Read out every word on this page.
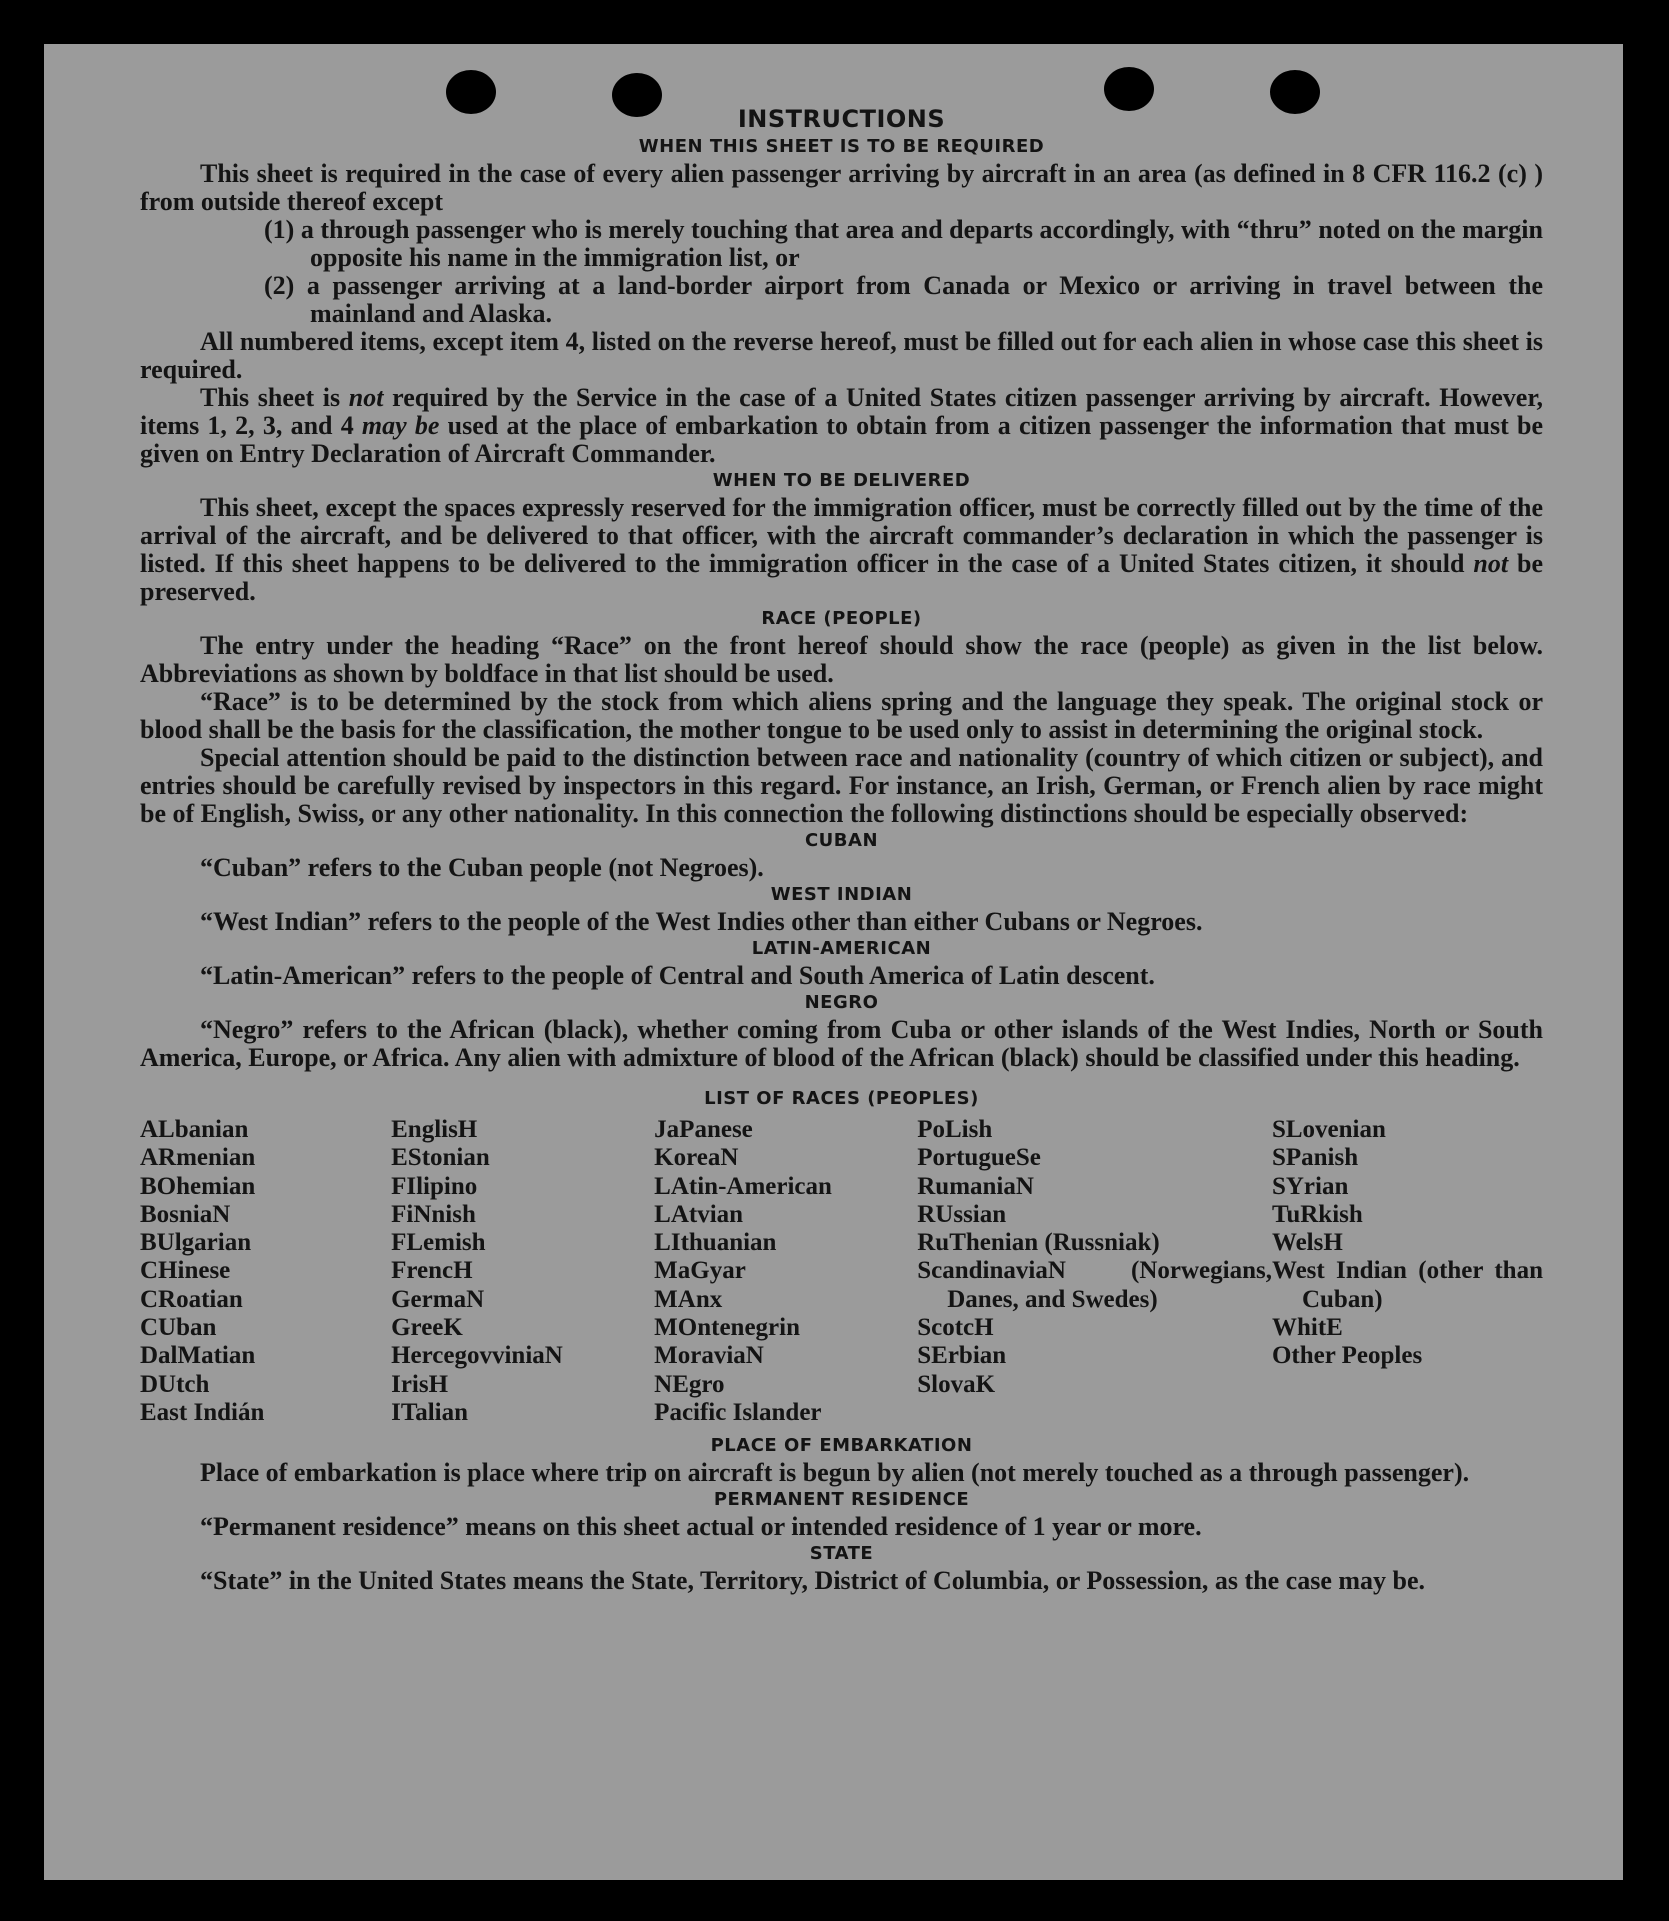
INSTRUCTIONS
WHEN THIS SHEET IS TO BE REQUIRED

This sheet is required in the case of every alien passenger arriving by aircraft in an area (as defined in 8 CFR 116.2 (c) ) from outside thereof except

(1) a through passenger who is merely touching that area and departs accordingly, with “thru” noted on the margin opposite his name in the immigration list, or

(2) a passenger arriving at a land-border airport from Canada or Mexico or arriving in travel between the mainland and Alaska.

All numbered items, except item 4, listed on the reverse hereof, must be filled out for each alien in whose case this sheet is required.

This sheet is not required by the Service in the case of a United States citizen passenger arriving by aircraft. However, items 1, 2, 3, and 4 may be used at the place of embarkation to obtain from a citizen passenger the information that must be given on Entry Declaration of Aircraft Commander.

WHEN TO BE DELIVERED

This sheet, except the spaces expressly reserved for the immigration officer, must be correctly filled out by the time of the arrival of the aircraft, and be delivered to that officer, with the aircraft commander’s declaration in which the passenger is listed. If this sheet happens to be delivered to the immigration officer in the case of a United States citizen, it should not be preserved.

RACE (PEOPLE)

The entry under the heading “Race” on the front hereof should show the race (people) as given in the list below. Abbreviations as shown by boldface in that list should be used.

“Race” is to be determined by the stock from which aliens spring and the language they speak. The original stock or blood shall be the basis for the classification, the mother tongue to be used only to assist in determining the original stock.

Special attention should be paid to the distinction between race and nationality (country of which citizen or subject), and entries should be carefully revised by inspectors in this regard. For instance, an Irish, German, or French alien by race might be of English, Swiss, or any other nationality. In this connection the following distinctions should be especially observed:

CUBAN

“Cuban” refers to the Cuban people (not Negroes).

WEST INDIAN

“West Indian” refers to the people of the West Indies other than either Cubans or Negroes.

LATIN-AMERICAN

“Latin-American” refers to the people of Central and South America of Latin descent.

NEGRO

“Negro” refers to the African (black), whether coming from Cuba or other islands of the West Indies, North or South America, Europe, or Africa. Any alien with admixture of blood of the African (black) should be classified under this heading.

LIST OF RACES (PEOPLES)
ALbanian
ARmenian
BOhemian
BosniaN
BUlgarian
CHinese
CRoatian
CUban
DalMatian
DUtch
East Indián
EnglisH
EStonian
FIlipino
FiNnish
FLemish
FrencH
GermaN
GreeK
HercegovviniaN
IrisH
ITalian
JaPanese
KoreaN
LAtin-American
LAtvian
LIthuanian
MaGyar
MAnx
MOntenegrin
MoraviaN
NEgro
Pacific Islander
PoLish
PortugueSe
RumaniaN
RUssian
RuThenian (Russniak)
ScandinaviaN (Norwegians, Danes, and Swedes)
ScotcH
SErbian
SlovaK
SLovenian
SPanish
SYrian
TuRkish
WelsH
West Indian (other than Cuban)
WhitE
Other Peoples
PLACE OF EMBARKATION

Place of embarkation is place where trip on aircraft is begun by alien (not merely touched as a through passenger).

PERMANENT RESIDENCE

“Permanent residence” means on this sheet actual or intended residence of 1 year or more.

STATE

“State” in the United States means the State, Territory, District of Columbia, or Possession, as the case may be.
